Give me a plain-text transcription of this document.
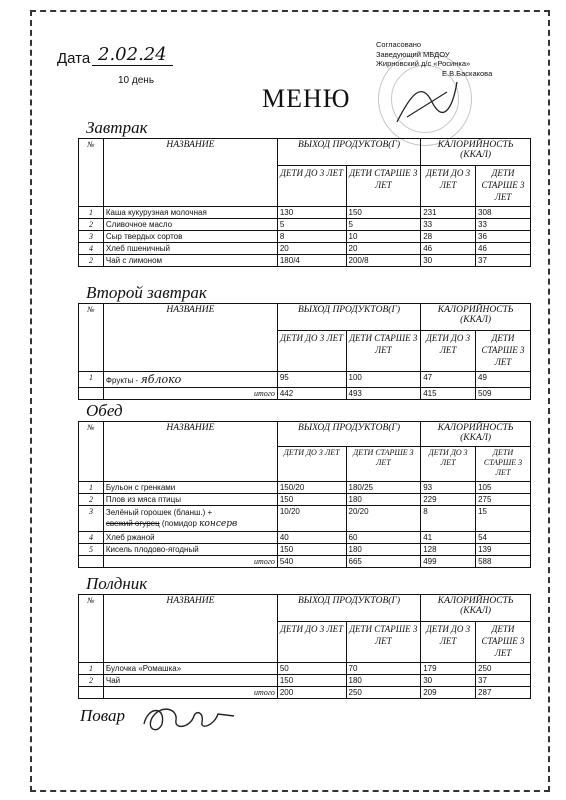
Согласовано
Заведующий МБДОУ
Жирновский д/с «Росинка»
Е.В.Баскакова
Дата 2.02.24
10 день
МЕНЮ
Завтрак
№	НАЗВАНИЕ	ВЫХОД ПРОДУКТОВ(Г)		КАЛОРИЙНОСТЬ (ККАЛ)	
		ДЕТИ ДО 3 ЛЕТ	ДЕТИ СТАРШЕ 3 ЛЕТ	ДЕТИ ДО 3 ЛЕТ	ДЕТИ СТАРШЕ 3 ЛЕТ
1	Каша кукурузная молочная	130	150	231	308
2	Сливочное масло	5	5	33	33
3	Сыр твердых сортов	8	10	28	36
4	Хлеб пшеничный	20	20	46	46
2	Чай с лимоном	180/4	200/8	30	37
Второй завтрак
№	НАЗВАНИЕ	ВЫХОД ПРОДУКТОВ(Г)		КАЛОРИЙНОСТЬ (ККАЛ)	
		ДЕТИ ДО 3 ЛЕТ	ДЕТИ СТАРШЕ 3 ЛЕТ	ДЕТИ ДО 3 ЛЕТ	ДЕТИ СТАРШЕ 3 ЛЕТ
1	Фрукты - яблоко	95	100	47	49
	итого	442	493	415	509
Обед
№	НАЗВАНИЕ	ВЫХОД ПРОДУКТОВ(Г)		КАЛОРИЙНОСТЬ (ККАЛ)	
		ДЕТИ ДО 3 ЛЕТ	ДЕТИ СТАРШЕ 3 ЛЕТ	ДЕТИ ДО 3 ЛЕТ	ДЕТИ СТАРШЕ 3 ЛЕТ
1	Бульон с гренками	150/20	180/25	93	105
2	Плов из мяса птицы	150	180	229	275
3	Зелёный горошек (бланш.) +
свежий огурец (помидор консерв	10/20	20/20	8	15
4	Хлеб ржаной	40	60	41	54
5	Кисель плодово-ягодный	150	180	128	139
	итого	540	665	499	588
Полдник
№	НАЗВАНИЕ	ВЫХОД ПРОДУКТОВ(Г)		КАЛОРИЙНОСТЬ (ККАЛ)	
		ДЕТИ ДО 3 ЛЕТ	ДЕТИ СТАРШЕ 3 ЛЕТ	ДЕТИ ДО 3 ЛЕТ	ДЕТИ СТАРШЕ 3 ЛЕТ
1	Булочка «Ромашка»	50	70	179	250
2	Чай	150	180	30	37
	итого	200	250	209	287
Повар
